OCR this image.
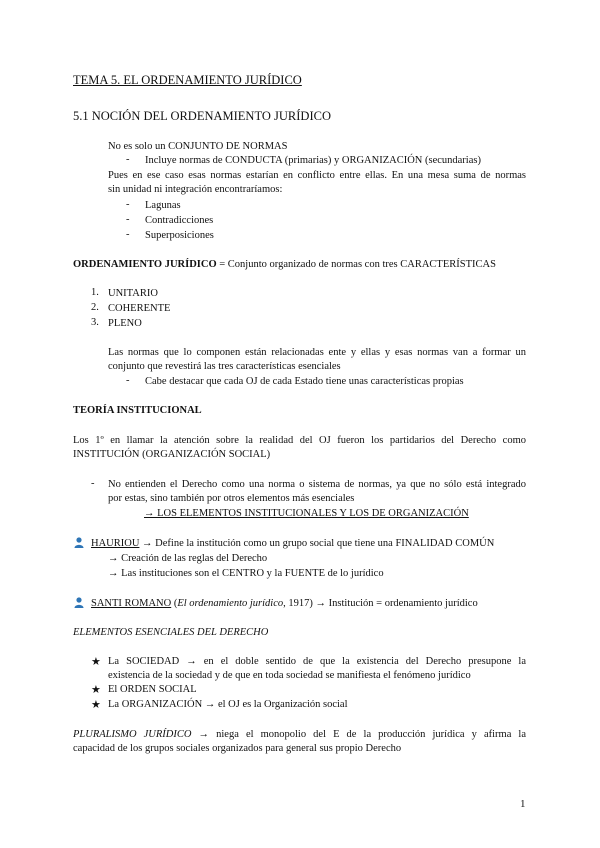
TEMA 5. EL ORDENAMIENTO JURÍDICO
5.1 NOCIÓN DEL ORDENAMIENTO JURÍDICO
No es solo un CONJUNTO DE NORMAS
- Incluye normas de CONDUCTA (primarias) y ORGANIZACIÓN (secundarias)
Pues en ese caso esas normas estarían en conflicto entre ellas. En una mesa suma de normas
sin unidad ni integración encontraríamos:
- Lagunas
- Contradicciones
- Superposiciones
ORDENAMIENTO JURÍDICO = Conjunto organizado de normas con tres CARACTERÍSTICAS
1. UNITARIO
2. COHERENTE
3. PLENO
Las normas que lo componen están relacionadas ente y ellas y esas normas van a formar un
conjunto que revestirá las tres características esenciales
- Cabe destacar que cada OJ de cada Estado tiene unas características propias
TEORÍA INSTITUCIONAL
Los 1º en llamar la atención sobre la realidad del OJ fueron los partidarios del Derecho como
INSTITUCIÓN (ORGANIZACIÓN SOCIAL)
- No entienden el Derecho como una norma o sistema de normas, ya que no sólo está integrado
por estas, sino también por otros elementos más esenciales
→ LOS ELEMENTOS INSTITUCIONALES Y LOS DE ORGANIZACIÓN
HAURIOU → Define la institución como un grupo social que tiene una FINALIDAD COMÚN
→ Creación de las reglas del Derecho
→ Las instituciones son el CENTRO y la FUENTE de lo jurídico
SANTI ROMANO (El ordenamiento jurídico, 1917) → Institución = ordenamiento jurídico
ELEMENTOS ESENCIALES DEL DERECHO
★ La SOCIEDAD → en el doble sentido de que la existencia del Derecho presupone la
existencia de la sociedad y de que en toda sociedad se manifiesta el fenómeno jurídico
★ El ORDEN SOCIAL
★ La ORGANIZACIÓN → el OJ es la Organización social
PLURALISMO JURÍDICO → niega el monopolio del E de la producción jurídica y afirma la
capacidad de los grupos sociales organizados para general sus propio Derecho
1
